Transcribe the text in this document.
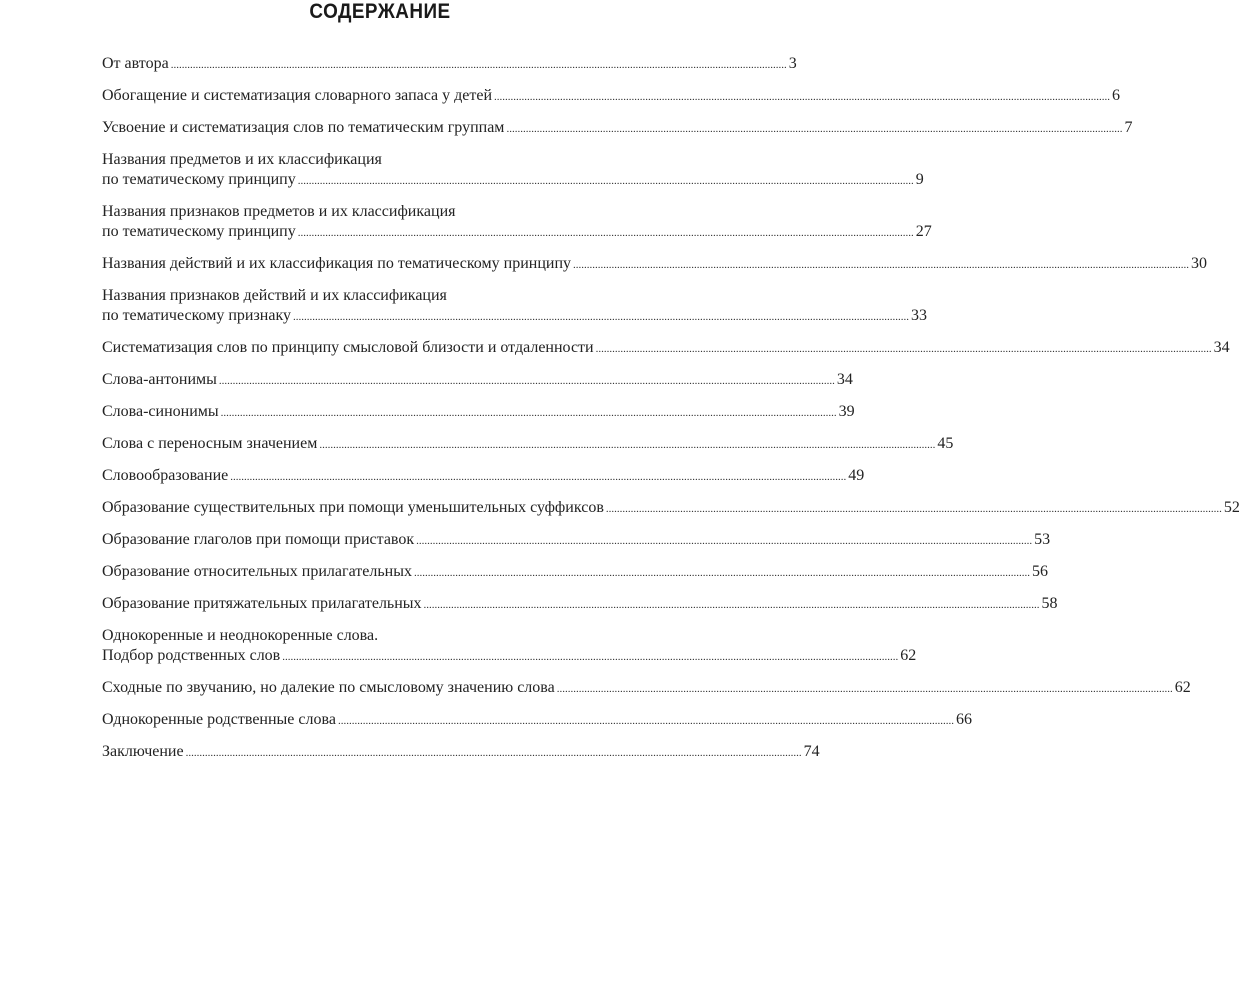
СОДЕРЖАНИЕ
От автора .....	3
Обогащение и систематизация словарного запаса у детей .....	6
Усвоение и систематизация слов по тематическим группам .....	7
Названия предметов и их классификация
по тематическому принципу .....	9
Названия признаков предметов и их классификация
по тематическому принципу .....	27
Названия действий и их классификация по тематическому принципу .....	30
Названия признаков действий и их классификация
по тематическому признаку .....	33
Систематизация слов по принципу смысловой близости и отдаленности .....	34
Слова-антонимы .....	34
Слова-синонимы .....	39
Слова с переносным значением .....	45
Словообразование .....	49
Образование существительных при помощи уменьшительных суффиксов .....	52
Образование глаголов при помощи приставок .....	53
Образование относительных прилагательных .....	56
Образование притяжательных прилагательных .....	58
Однокоренные и неоднокоренные слова.
Подбор родственных слов .....	62
Сходные по звучанию, но далекие по смысловому значению слова .....	62
Однокоренные родственные слова .....	66
Заключение .....	74
